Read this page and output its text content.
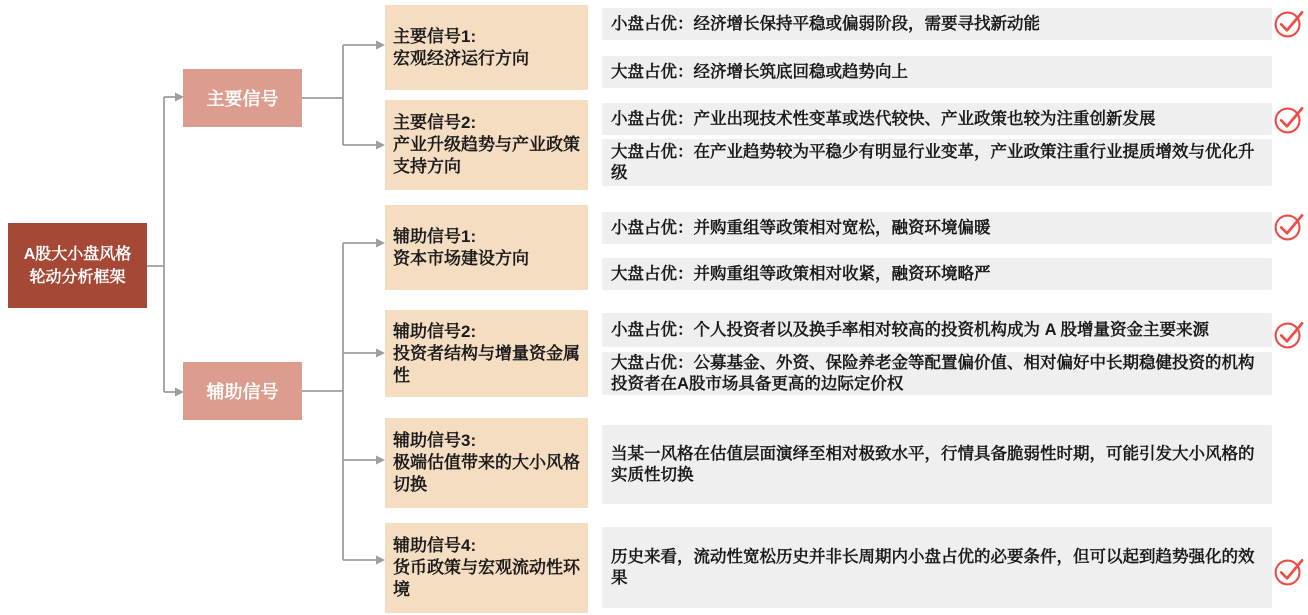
A股大小盘风格
轮动分析框架
主要信号
辅助信号
主要信号1:
宏观经济运行方向
主要信号2:
产业升级趋势与产业政策支持方向
辅助信号1:
资本市场建设方向
辅助信号2:
投资者结构与增量资金属性
辅助信号3:
极端估值带来的大小风格切换
辅助信号4:
货币政策与宏观流动性环境
小盘占优：经济增长保持平稳或偏弱阶段，需要寻找新动能
大盘占优：经济增长筑底回稳或趋势向上
小盘占优：产业出现技术性变革或迭代较快、产业政策也较为注重创新发展
大盘占优：在产业趋势较为平稳少有明显行业变革，产业政策注重行业提质增效与优化升级
小盘占优：并购重组等政策相对宽松，融资环境偏暖
大盘占优：并购重组等政策相对收紧，融资环境略严
小盘占优：个人投资者以及换手率相对较高的投资机构成为 A 股增量资金主要来源
大盘占优：公募基金、外资、保险养老金等配置偏价值、相对偏好中长期稳健投资的机构投资者在A股市场具备更高的边际定价权
当某一风格在估值层面演绎至相对极致水平，行情具备脆弱性时期，可能引发大小风格的实质性切换
历史来看，流动性宽松历史并非长周期内小盘占优的必要条件，但可以起到趋势强化的效果
